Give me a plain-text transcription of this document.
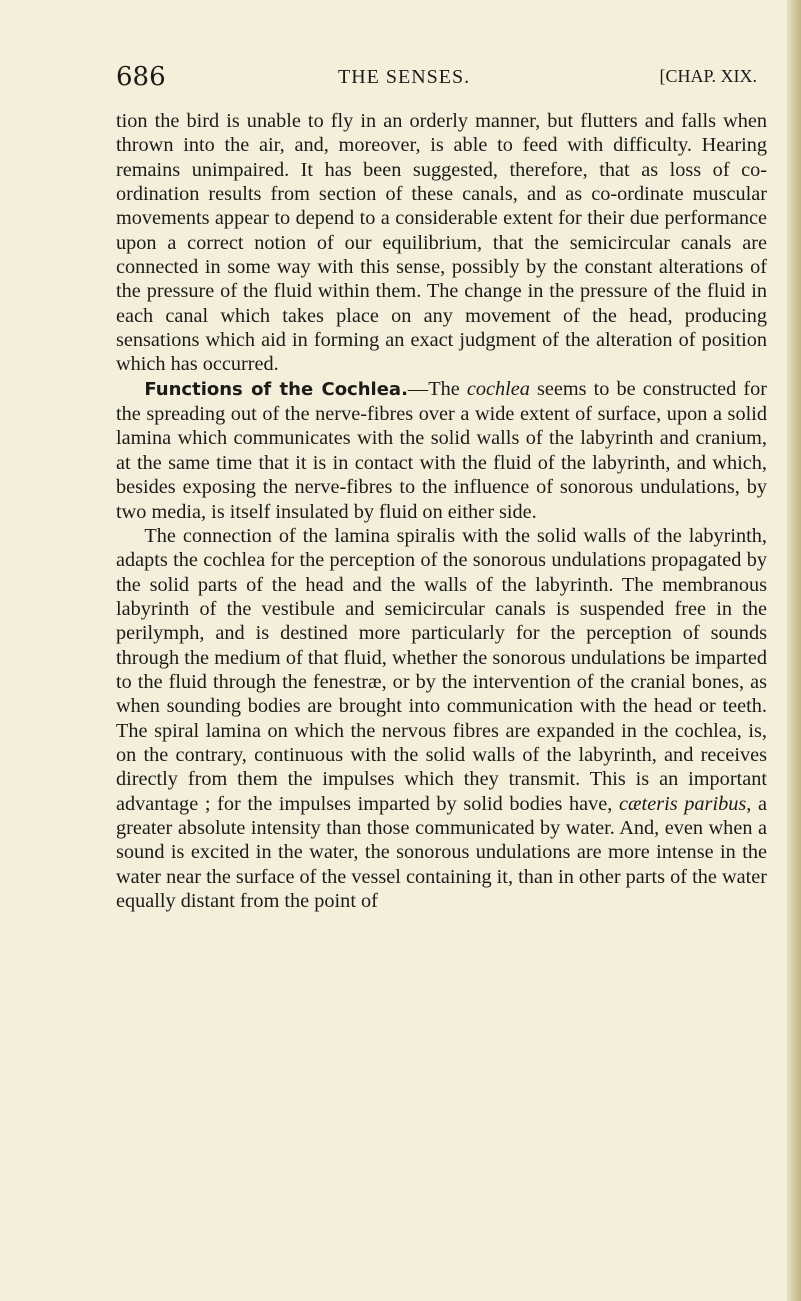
686	THE SENSES.	[CHAP. XIX.

tion the bird is unable to fly in an orderly manner, but flutters and falls when thrown into the air, and, moreover, is able to feed with difficulty. Hearing remains unimpaired. It has been suggested, therefore, that as loss of co-ordination results from section of these canals, and as co-ordinate muscular movements appear to depend to a considerable extent for their due performance upon a correct notion of our equilibrium, that the semicircular canals are connected in some way with this sense, possibly by the constant alterations of the pressure of the fluid within them. The change in the pressure of the fluid in each canal which takes place on any movement of the head, producing sensations which aid in forming an exact judgment of the alteration of position which has occurred.

Functions of the Cochlea.—The cochlea seems to be constructed for the spreading out of the nerve-fibres over a wide extent of surface, upon a solid lamina which communicates with the solid walls of the labyrinth and cranium, at the same time that it is in contact with the fluid of the labyrinth, and which, besides exposing the nerve-fibres to the influence of sonorous undulations, by two media, is itself insulated by fluid on either side.

The connection of the lamina spiralis with the solid walls of the labyrinth, adapts the cochlea for the perception of the sonorous undulations propagated by the solid parts of the head and the walls of the labyrinth. The membranous labyrinth of the vestibule and semicircular canals is suspended free in the perilymph, and is destined more particularly for the perception of sounds through the medium of that fluid, whether the sonorous undulations be imparted to the fluid through the fenestræ, or by the intervention of the cranial bones, as when sounding bodies are brought into communication with the head or teeth. The spiral lamina on which the nervous fibres are expanded in the cochlea, is, on the contrary, continuous with the solid walls of the labyrinth, and receives directly from them the impulses which they transmit. This is an important advantage ; for the impulses imparted by solid bodies have, cæteris paribus, a greater absolute intensity than those communicated by water. And, even when a sound is excited in the water, the sonorous undulations are more intense in the water near the surface of the vessel containing it, than in other parts of the water equally distant from the point of
